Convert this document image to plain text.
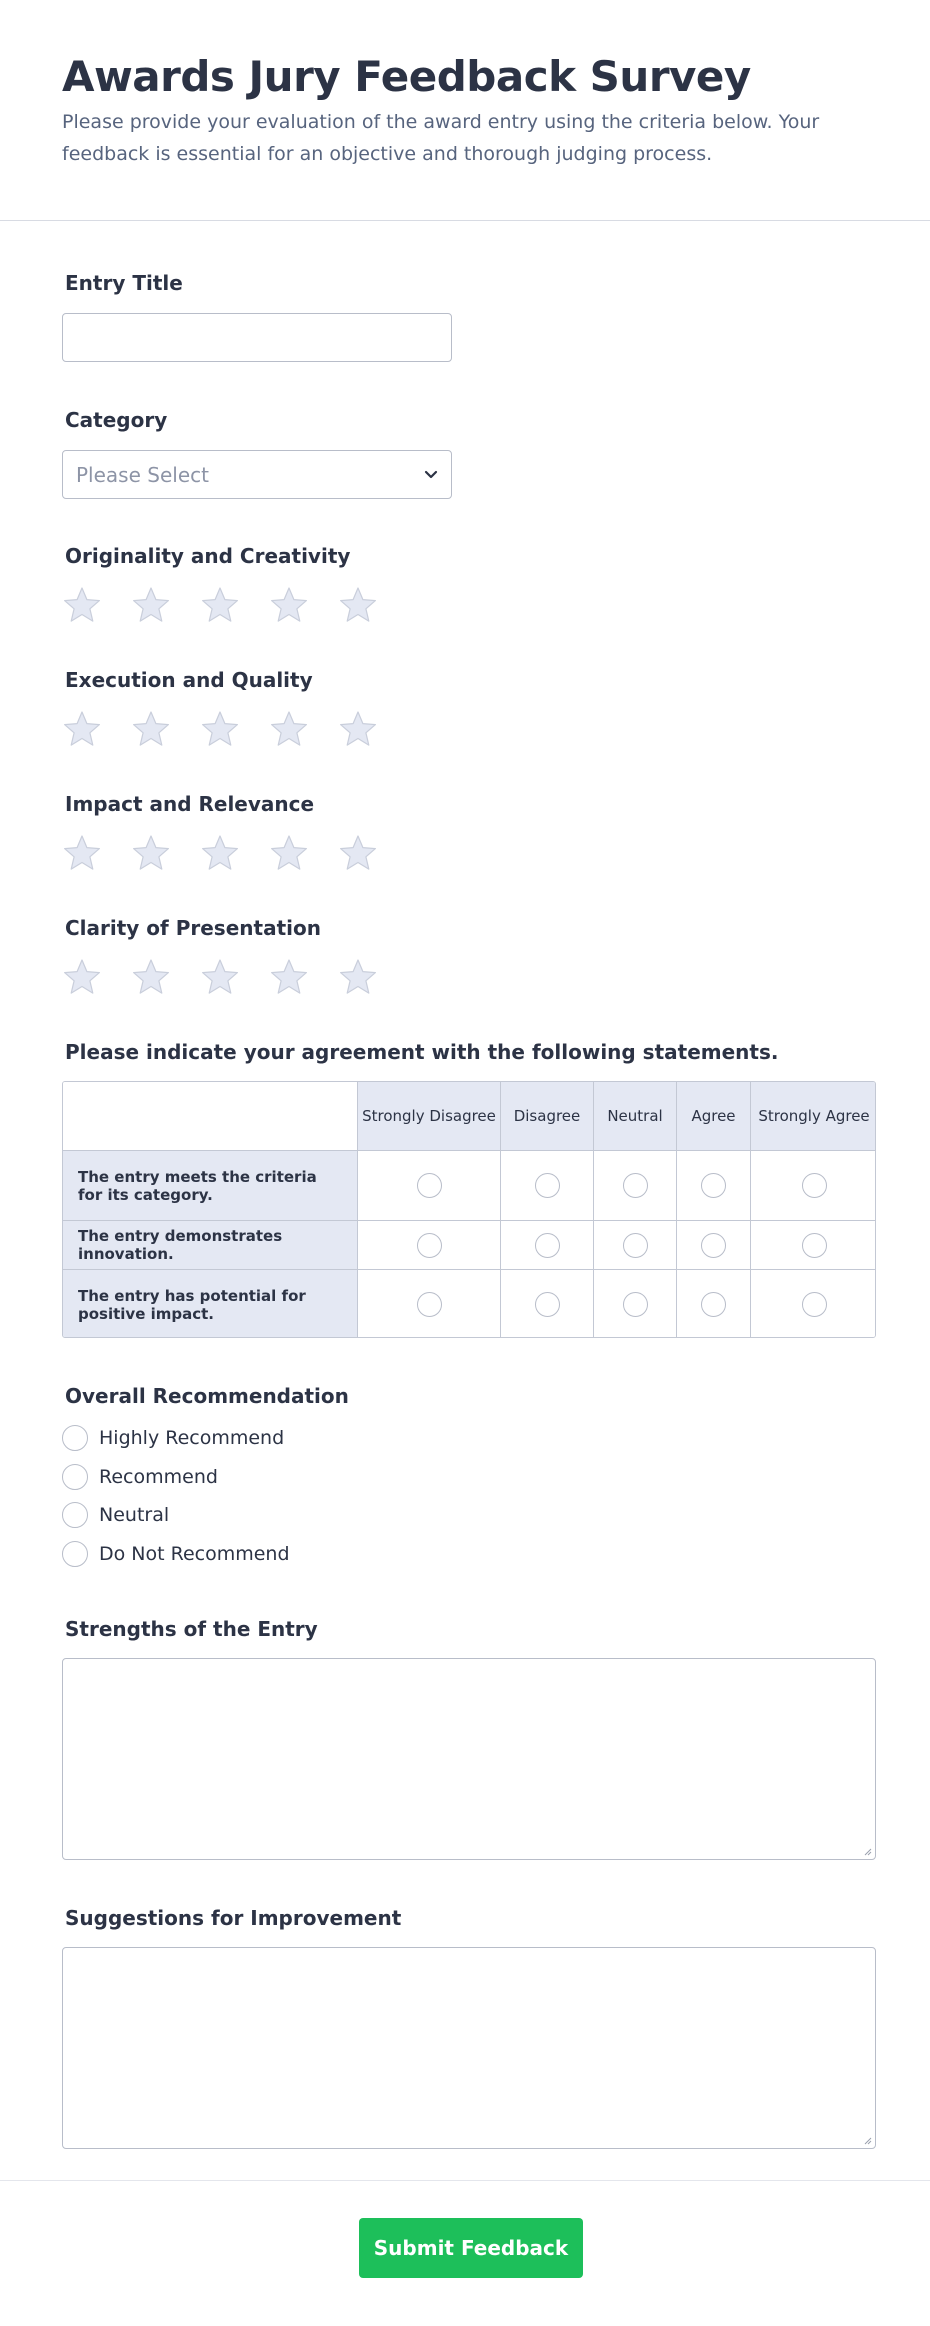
Awards Jury Feedback Survey

Please provide your evaluation of the award entry using the criteria below. Your feedback is essential for an objective and thorough judging process.

Entry Title
Category
Please Select
Originality and Creativity
Execution and Quality
Impact and Relevance
Clarity of Presentation
Please indicate your agreement with the following statements.
Strongly Disagree	Disagree	Neutral	Agree	Strongly Agree
The entry meets the criteria for its category.
The entry demonstrates innovation.
The entry has potential for positive impact.
Overall Recommendation
Highly Recommend
Recommend
Neutral
Do Not Recommend
Strengths of the Entry
Suggestions for Improvement
Submit Feedback
